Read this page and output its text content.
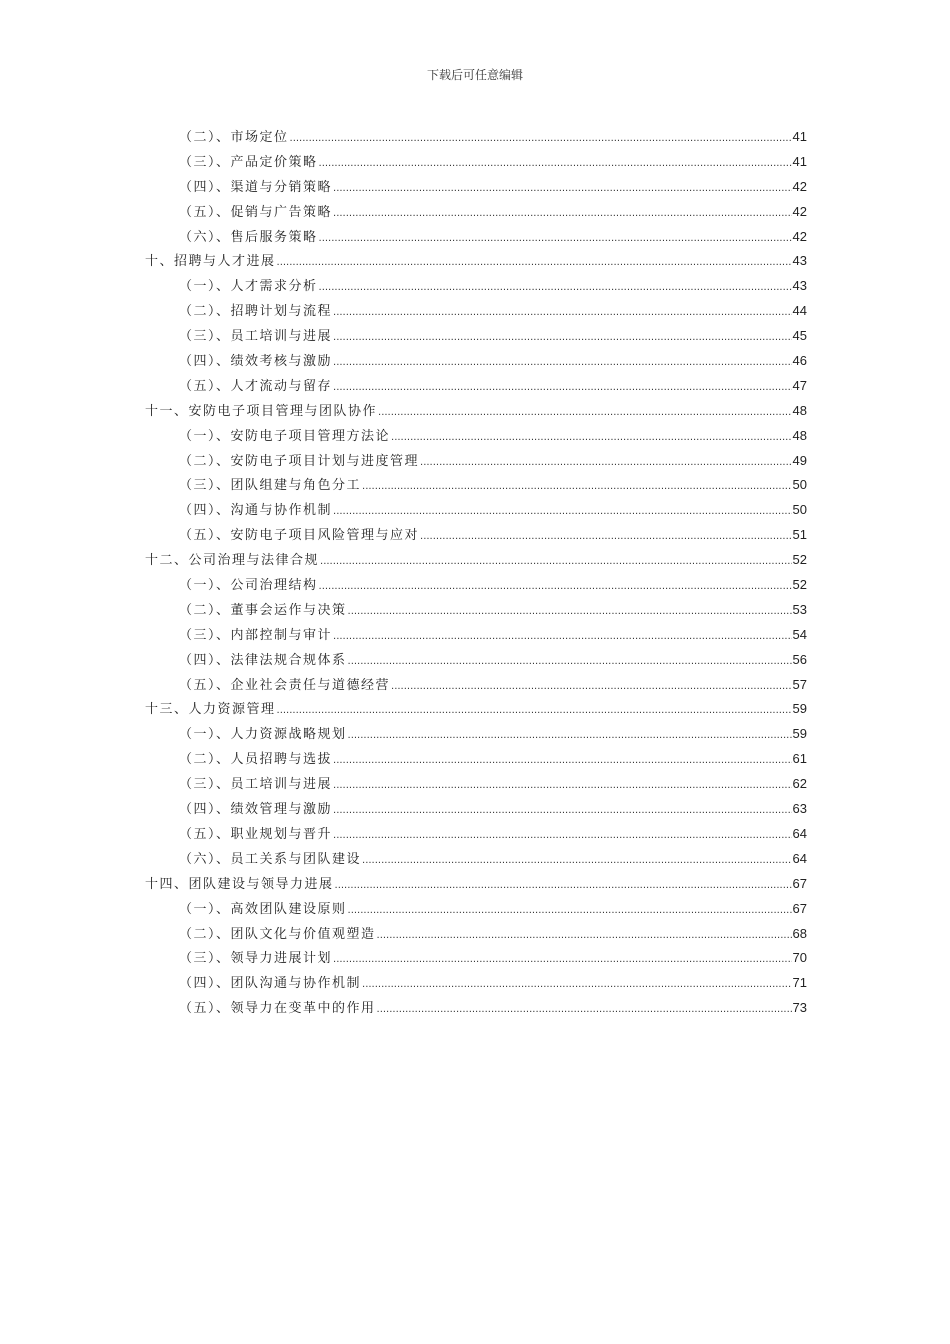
下载后可任意编辑
（二）、市场定位 .....	41
（三）、产品定价策略 .....	41
（四）、渠道与分销策略 .....	42
（五）、促销与广告策略 .....	42
（六）、售后服务策略 .....	42
十、招聘与人才进展 .....	43
（一）、人才需求分析 .....	43
（二）、招聘计划与流程 .....	44
（三）、员工培训与进展 .....	45
（四）、绩效考核与激励 .....	46
（五）、人才流动与留存 .....	47
十一、安防电子项目管理与团队协作 .....	48
（一）、安防电子项目管理方法论 .....	48
（二）、安防电子项目计划与进度管理 .....	49
（三）、团队组建与角色分工 .....	50
（四）、沟通与协作机制 .....	50
（五）、安防电子项目风险管理与应对 .....	51
十二、公司治理与法律合规 .....	52
（一）、公司治理结构 .....	52
（二）、董事会运作与决策 .....	53
（三）、内部控制与审计 .....	54
（四）、法律法规合规体系 .....	56
（五）、企业社会责任与道德经营 .....	57
十三、人力资源管理 .....	59
（一）、人力资源战略规划 .....	59
（二）、人员招聘与选拔 .....	61
（三）、员工培训与进展 .....	62
（四）、绩效管理与激励 .....	63
（五）、职业规划与晋升 .....	64
（六）、员工关系与团队建设 .....	64
十四、团队建设与领导力进展 .....	67
（一）、高效团队建设原则 .....	67
（二）、团队文化与价值观塑造 .....	68
（三）、领导力进展计划 .....	70
（四）、团队沟通与协作机制 .....	71
（五）、领导力在变革中的作用 .....	73
